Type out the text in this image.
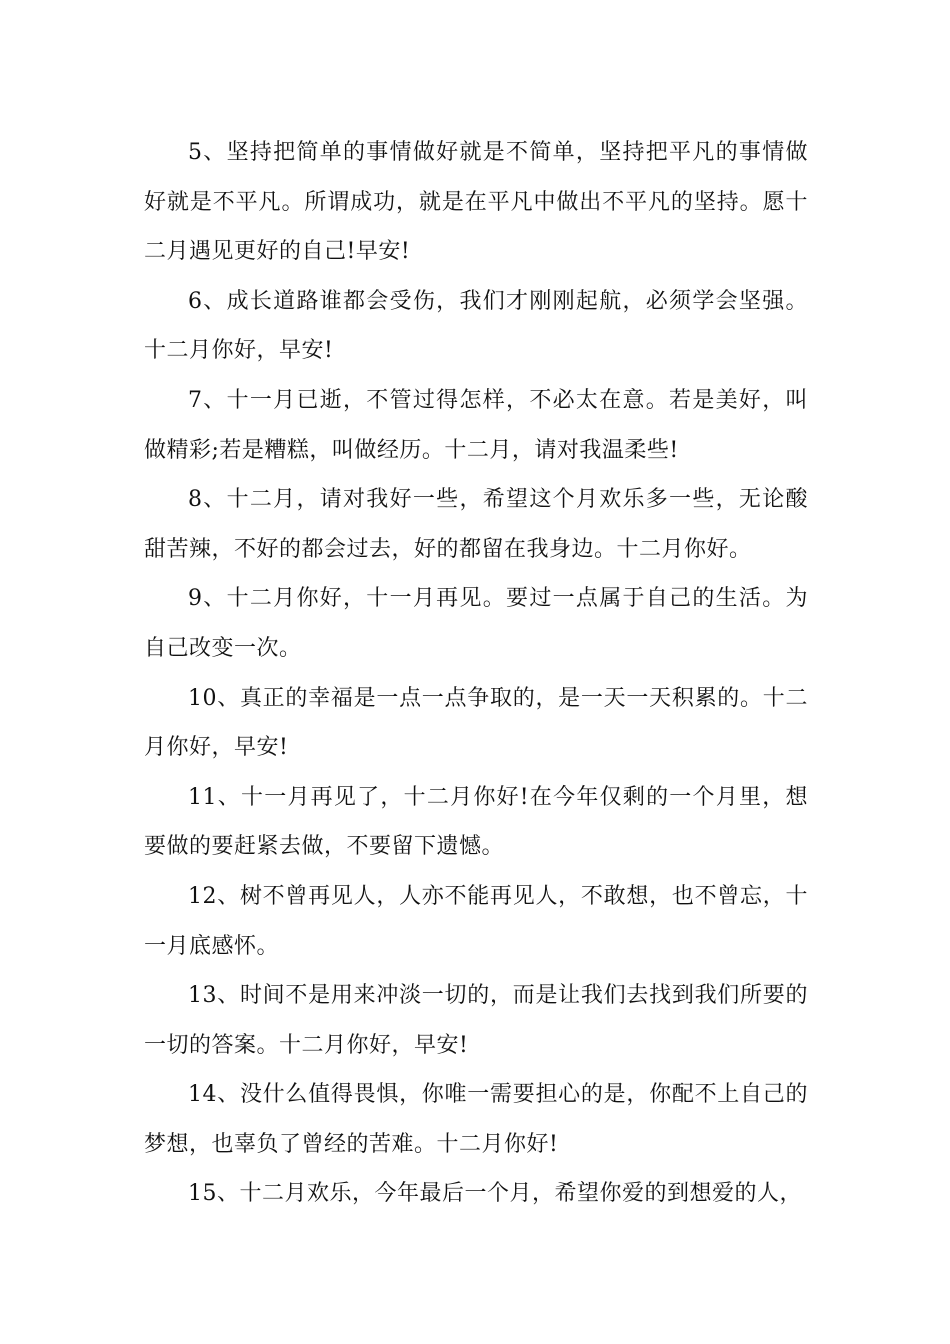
5、坚持把简单的事情做好就是不简单，坚持把平凡的事情做好就是不平凡。所谓成功，就是在平凡中做出不平凡的坚持。愿十二月遇见更好的自己!早安!

6、成长道路谁都会受伤，我们才刚刚起航，必须学会坚强。十二月你好，早安!

7、十一月已逝，不管过得怎样，不必太在意。若是美好，叫做精彩;若是糟糕，叫做经历。十二月，请对我温柔些!

8、十二月，请对我好一些，希望这个月欢乐多一些，无论酸甜苦辣，不好的都会过去，好的都留在我身边。十二月你好。

9、十二月你好，十一月再见。要过一点属于自己的生活。为自己改变一次。

10、真正的幸福是一点一点争取的，是一天一天积累的。十二月你好，早安!

11、十一月再见了，十二月你好!在今年仅剩的一个月里，想要做的要赶紧去做，不要留下遗憾。

12、树不曾再见人，人亦不能再见人，不敢想，也不曾忘，十一月底感怀。

13、时间不是用来冲淡一切的，而是让我们去找到我们所要的一切的答案。十二月你好，早安!

14、没什么值得畏惧，你唯一需要担心的是，你配不上自己的梦想，也辜负了曾经的苦难。十二月你好!

15、十二月欢乐，今年最后一个月，希望你爱的到想爱的人，
